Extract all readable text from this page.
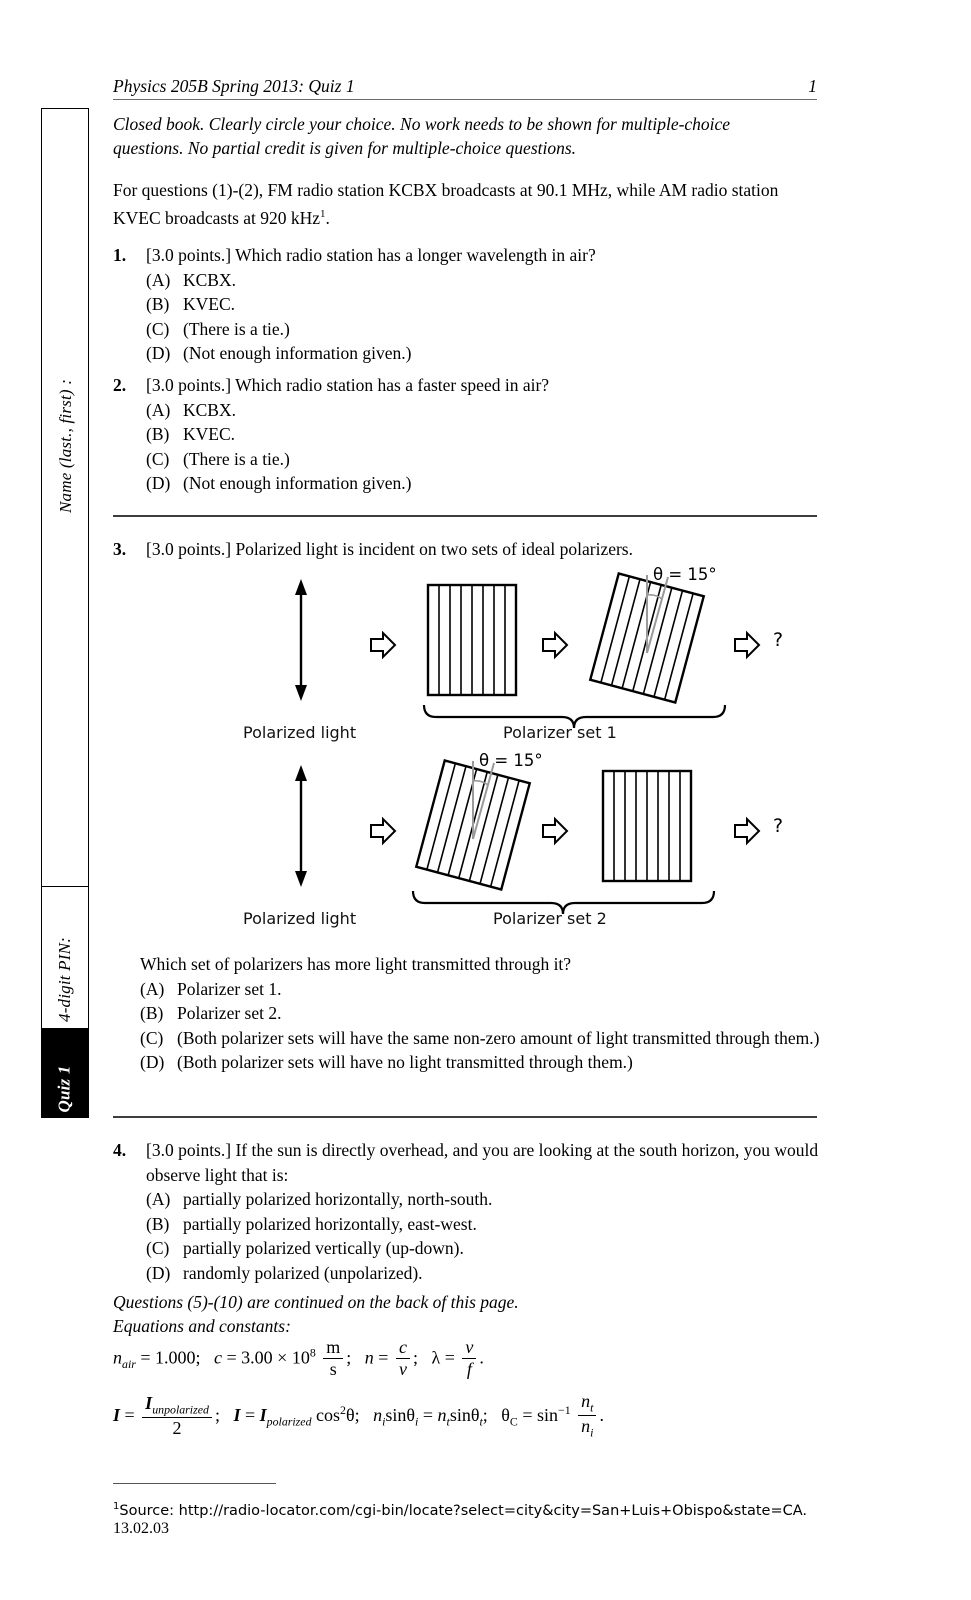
Name (last., first) :
4-digit PIN:
Quiz 1
Physics 205B Spring 2013: Quiz 1	1
Closed book. Clearly circle your choice. No work needs to be shown for multiple-choice questions. No partial credit is given for multiple-choice questions.
For questions (1)-(2), FM radio station KCBX broadcasts at 90.1 MHz, while AM radio station KVEC broadcasts at 920 kHz$^1$.
1.	[3.0 points.] Which radio station has a longer wavelength in air?
(A) KCBX.
(B) KVEC.
(C) (There is a tie.)
(D) (Not enough information given.)
2.	[3.0 points.] Which radio station has a faster speed in air?
(A) KCBX.
(B) KVEC.
(C) (There is a tie.)
(D) (Not enough information given.)
3.	[3.0 points.] Polarized light is incident on two sets of ideal polarizers.
θ = 15°
?
Polarized light	Polarizer set 1
θ = 15°
?
Polarized light	Polarizer set 2
Which set of polarizers has more light transmitted through it?
(A) Polarizer set 1.
(B) Polarizer set 2.
(C) (Both polarizer sets will have the same non-zero amount of light transmitted through them.)
(D) (Both polarizer sets will have no light transmitted through them.)
4.	[3.0 points.] If the sun is directly overhead, and you are looking at the south horizon, you would observe light that is:
(A) partially polarized horizontally, north-south.
(B) partially polarized horizontally, east-west.
(C) partially polarized vertically (up-down).
(D) randomly polarized (unpolarized).
Questions (5)-(10) are continued on the back of this page.
Equations and constants:
$n_{air} = 1.000$; $c = 3.00 \times 10^8 \frac{m}{s}$ ;   $n = \frac{c}{v}$ ;   $\lambda = \frac{v}{f}$ .
$I = \frac{I_{unpolarized}}{2}$ ;   $I = I_{polarized}$ $\cos^2\theta$;   $n_i\sin\theta_i = n_t\sin\theta_t$;   $\theta_C = \sin^{-1} \frac{n_t}{n_i}$ .
$^1$Source: http://radio-locator.com/cgi-bin/locate?select=city&city=San+Luis+Obispo&state=CA.
13.02.03
